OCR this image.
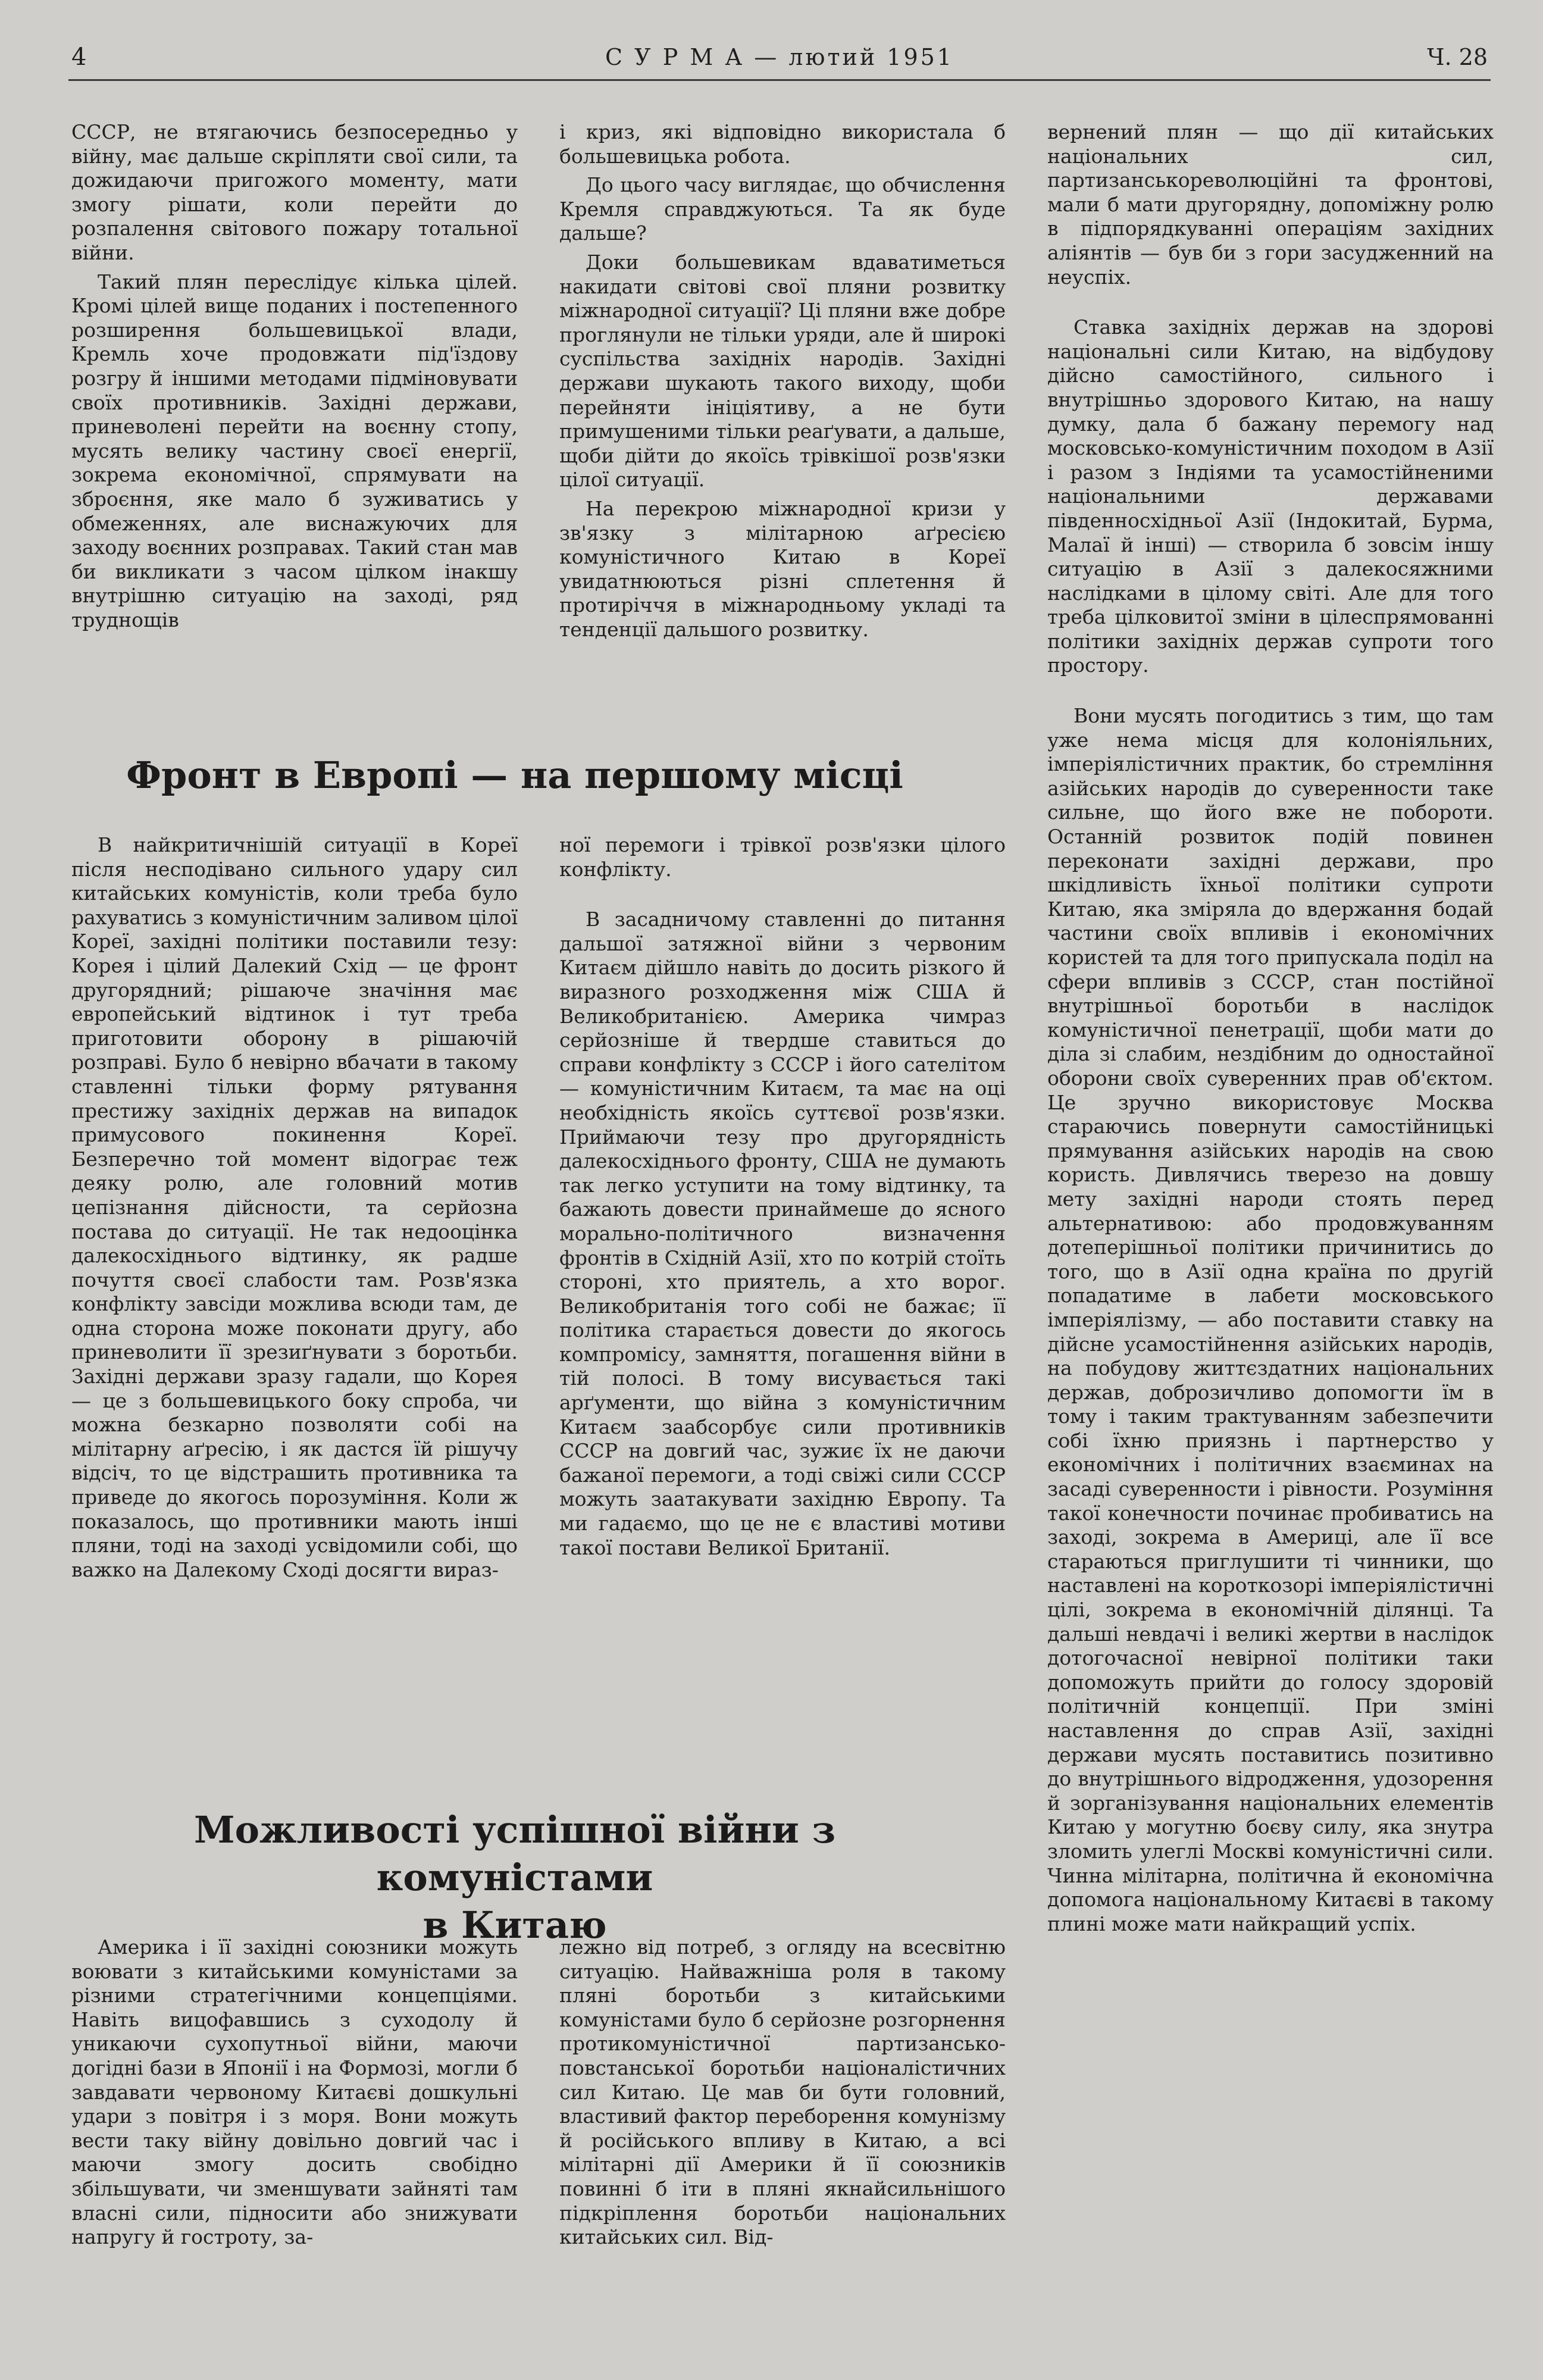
4	С У Р М А — лютий 1951	Ч. 28

СССР, не втягаючись безпосередньо у війну, має дальше скріпляти свої сили, та дожидаючи пригожого моменту, мати змогу рішати, коли перейти до розпалення світового пожару тотальної війни.

Такий плян переслідує кілька цілей. Кромі цілей вище поданих і постепенного розширення большевицької влади, Кремль хоче продовжати під'їздову розгру й іншими методами підміновувати своїх противників. Західні держави, приневолені перейти на воєнну стопу, мусять велику частину своєї енергії, зокрема економічної, спрямувати на зброєння, яке мало б зуживатись у обмеженнях, але виснажуючих для заходу воєнних розправах. Такий стан мав би викликати з часом цілком інакшу внутрішню ситуацію на заході, ряд труднощів

і криз, які відповідно використала б большевицька робота.

До цього часу виглядає, що обчислення Кремля справджуються. Та як буде дальше?

Доки большевикам вдаватиметься накидати світові свої пляни розвитку міжнародної ситуації? Ці пляни вже добре проглянули не тільки уряди, але й широкі суспільства західніх народів. Західні держави шукають такого виходу, щоби перейняти ініціятиву, а не бути примушеними тільки реаґувати, а дальше, щоби дійти до якоїсь трівкішої розв'язки цілої ситуації.

На перекрою міжнародної кризи у зв'язку з мілітарною аґресією комуністичного Китаю в Кореї увидатнюються різні сплетення й протиріччя в міжнародньому укладі та тенденції дальшого розвитку.

вернений плян — що дії китайських національних сил, партизанськореволюційні та фронтові, мали б мати другорядну, допоміжну ролю в підпорядкуванні операціям західних аліянтів — був би з гори засудженний на неуспіх.

Ставка західніх держав на здорові національні сили Китаю, на відбудову дійсно самостійного, сильного і внутрішньо здорового Китаю, на нашу думку, дала б бажану перемогу над московсько-комуністичним походом в Азії і разом з Індіями та усамостійненими національними державами південносхідньої Азії (Індокитай, Бурма, Малаї й інші) — створила б зовсім іншу ситуацію в Азії з далекосяжними наслідками в цілому світі. Але для того треба цілковитої зміни в цілеспрямованні політики західніх держав супроти того простору.

Вони мусять погодитись з тим, що там уже нема місця для колоніяльних, імперіялістичних практик, бо стремління азійських народів до суверенности таке сильне, що його вже не побороти. Останній розвиток подій повинен переконати західні держави, про шкідливість їхньої політики супроти Китаю, яка зміряла до вдержання бодай частини своїх впливів і економічних користей та для того припускала поділ на сфери впливів з СССР, стан постійної внутрішньої боротьби в наслідок комуністичної пенетрації, щоби мати до діла зі слабим, нездібним до одностайної оборони своїх суверенних прав об'єктом. Це зручно використовує Москва стараючись повернути самостійницькі прямування азійських народів на свою користь. Дивлячись тверезо на довшу мету західні народи стоять перед альтернативою: або продовжуванням дотеперішньої політики причинитись до того, що в Азії одна країна по другій попадатиме в лабети московського імперіялізму, — або поставити ставку на дійсне усамостійнення азійських народів, на побудову життєздатних національних держав, доброзичливо допомогти їм в тому і таким трактуванням забезпечити собі їхню приязнь і партнерство у економічних і політичних взаєминах на засаді суверенности і рівности. Розуміння такої конечности починає пробиватись на заході, зокрема в Америці, але її все стараються приглушити ті чинники, що наставлені на короткозорі імперіялістичні цілі, зокрема в економічній ділянці. Та дальші невдачі і великі жертви в наслідок дотогочасної невірної політики таки допоможуть прийти до голосу здоровій політичній концепції. При зміні наставлення до справ Азії, західні держави мусять поставитись позитивно до внутрішнього відродження, удозорення й зорганізування національних елементів Китаю у могутню боєву силу, яка знутра зломить улеглі Москві комуністичні сили. Чинна мілітарна, політична й економічна допомога національному Китаєві в такому плині може мати найкращий успіх.

Фронт в Европі — на першому місці

В найкритичнішій ситуації в Кореї після несподівано сильного удару сил китайських комуністів, коли треба було рахуватись з комуністичним заливом цілої Кореї, західні політики поставили тезу: Корея і цілий Далекий Схід — це фронт другорядний; рішаюче значіння має европейський відтинок і тут треба приготовити оборону в рішаючій розправі. Було б невірно вбачати в такому ставленні тільки форму рятування престижу західніх держав на випадок примусового покинення Кореї. Безперечно той момент відограє теж деяку ролю, але головний мотив цепізнання дійсности, та серйозна постава до ситуації. Не так недооцінка далекосхіднього відтинку, як радше почуття своєї слабости там. Розв'язка конфлікту завсіди можлива всюди там, де одна сторона може поконати другу, або приневолити її зрезиґнувати з боротьби. Західні держави зразу гадали, що Корея — це з большевицького боку спроба, чи можна безкарно позволяти собі на мілітарну аґресію, і як дастся їй рішучу відсіч, то це відстрашить противника та приведе до якогось порозуміння. Коли ж показалось, що противники мають інші пляни, тоді на заході усвідомили собі, що важко на Далекому Сході досягти вираз-

ної перемоги і трівкої розв'язки цілого конфлікту.

В засадничому ставленні до питання дальшої затяжної війни з червоним Китаєм дійшло навіть до досить різкого й виразного розходження між США й Великобританією. Америка чимраз серйозніше й твердше ставиться до справи конфлікту з СССР і його сателітом — комуністичним Китаєм, та має на оці необхідність якоїсь суттєвої розв'язки. Приймаючи тезу про другорядність далекосхіднього фронту, США не думають так легко уступити на тому відтинку, та бажають довести принаймеше до ясного морально-політичного визначення фронтів в Східній Азії, хто по котрій стоїть стороні, хто приятель, а хто ворог. Великобританія того собі не бажає; її політика старається довести до якогось компромісу, замняття, погашення війни в тій полосі. В тому висувається такі арґументи, що війна з комуністичним Китаєм зaабсорбує сили противників СССР на довгий час, зужиє їх не даючи бажаної перемоги, а тоді свіжі сили СССР можуть заатакувати західню Европу. Та ми гадаємо, що це не є властиві мотиви такої постави Великої Британії.

Можливості успішної війни з комуністами
в Китаю

Америка і її західні союзники можуть воювати з китайськими комуністами за різними стратегічними концепціями. Навіть вицофавшись з суходолу й уникаючи сухопутньої війни, маючи догідні бази в Японії і на Формозі, могли б завдавати червоному Китаєві дошкульні удари з повітря і з моря. Вони можуть вести таку війну довільно довгий час і маючи змогу досить свобідно збільшувати, чи зменшувати зайняті там власні сили, підносити або знижувати напругу й гостроту, за-

лежно від потреб, з огляду на всесвітню ситуацію. Найважніша роля в такому пляні боротьби з китайськими комуністами було б серйозне розгорнення протикомуністичної партизансько-повстанської боротьби націоналістичних сил Китаю. Це мав би бути головний, властивий фактор переборення комунізму й російського впливу в Китаю, а всі мілітарні дії Америки й її союзників повинні б іти в пляні якнайсильнішого підкріплення боротьби національних китайських сил. Від-
